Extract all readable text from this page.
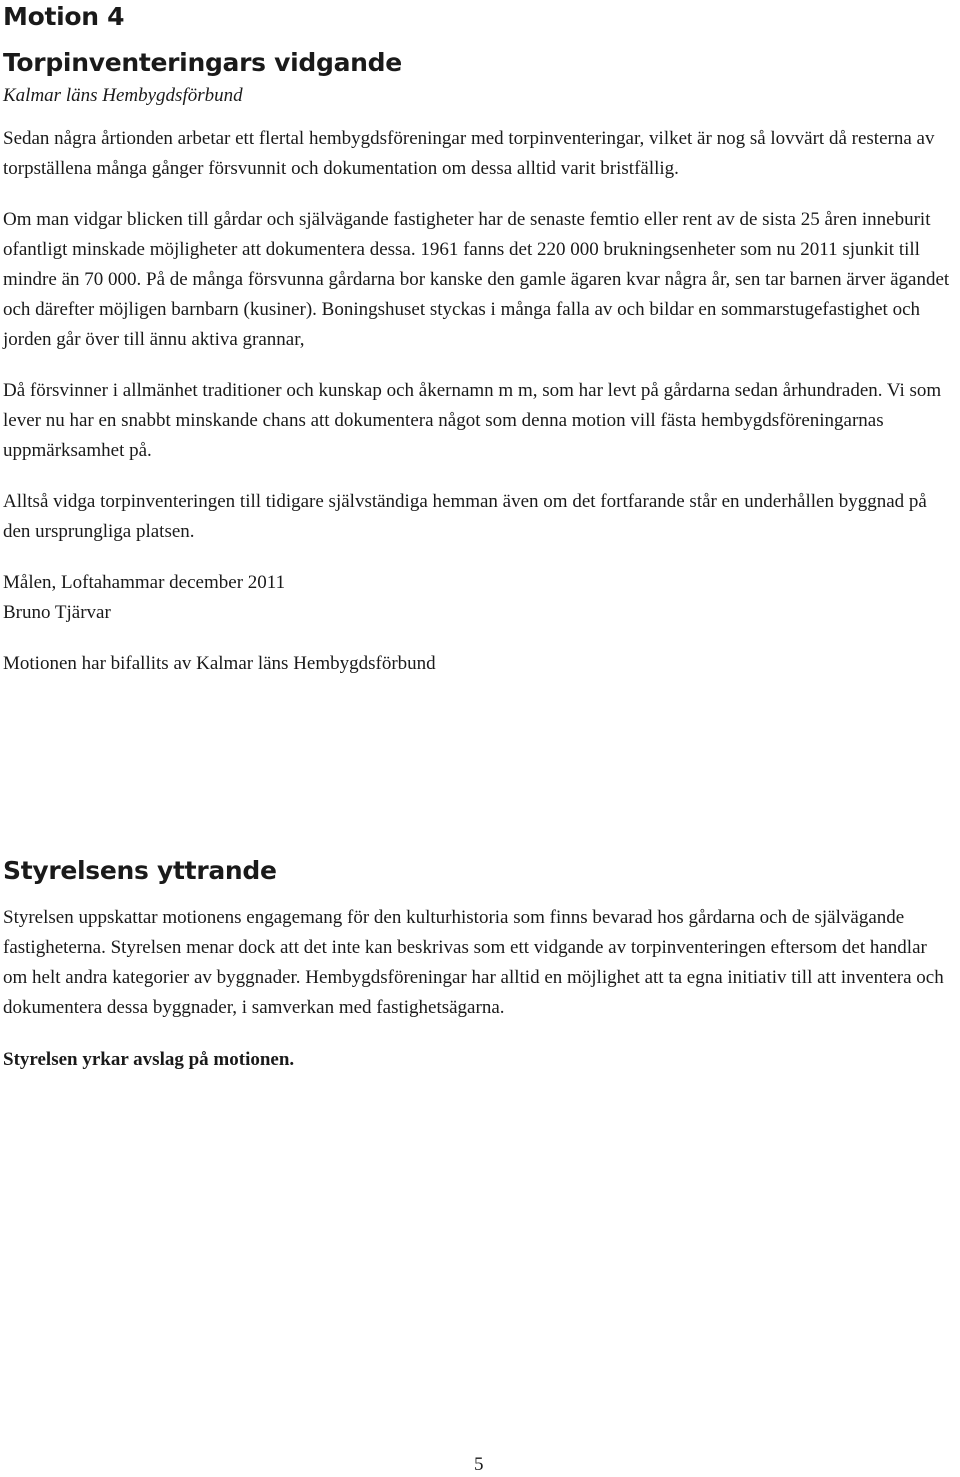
Motion 4
Torpinventeringars vidgande

Kalmar läns Hembygdsförbund

Sedan några årtionden arbetar ett flertal hembygdsföreningar med torpinventeringar, vilket är nog så lovvärt då resterna av torpställena många gånger försvunnit och dokumentation om dessa alltid varit bristfällig.

Om man vidgar blicken till gårdar och självägande fastigheter har de senaste femtio eller rent av de sista 25 åren inneburit ofantligt minskade möjligheter att dokumentera dessa. 1961 fanns det 220 000 brukningsenheter som nu 2011 sjunkit till mindre än 70 000. På de många försvunna gårdarna bor kanske den gamle ägaren kvar några år, sen tar barnen ärver ägandet och därefter möjligen barnbarn (kusiner). Boningshuset styckas i många falla av och bildar en sommarstugefastighet och jorden går över till ännu aktiva grannar,

Då försvinner i allmänhet traditioner och kunskap och åkernamn m m, som har levt på gårdarna sedan århundraden. Vi som lever nu har en snabbt minskande chans att dokumentera något som denna motion vill fästa hembygdsföreningarnas uppmärksamhet på.

Alltså vidga torpinventeringen till tidigare självständiga hemman även om det fortfarande står en underhållen byggnad på den ursprungliga platsen.

Målen, Loftahammar december 2011

Bruno Tjärvar

Motionen har bifallits av Kalmar läns Hembygdsförbund

Styrelsens yttrande

Styrelsen uppskattar motionens engagemang för den kulturhistoria som finns bevarad hos gårdarna och de självägande fastigheterna. Styrelsen menar dock att det inte kan beskrivas som ett vidgande av torpinventeringen eftersom det handlar om helt andra kategorier av byggnader. Hembygdsföreningar har alltid en möjlighet att ta egna initiativ till att inventera och dokumentera dessa byggnader, i samverkan med fastighetsägarna.

Styrelsen yrkar avslag på motionen.

5
